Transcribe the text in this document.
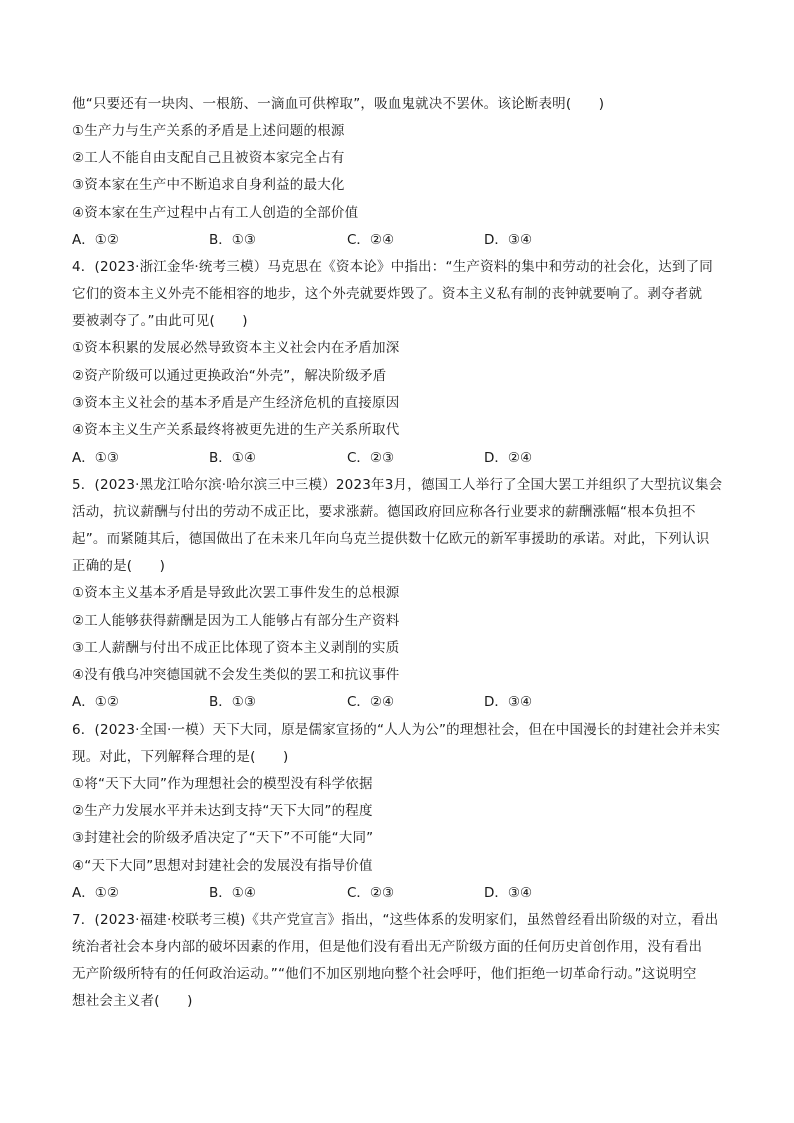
他“只要还有一块肉、一根筋、一滴血可供榨取”，吸血鬼就决不罢休。该论断表明(　　)
①生产力与生产关系的矛盾是上述问题的根源
②工人不能自由支配自己且被资本家完全占有
③资本家在生产中不断追求自身利益的最大化
④资本家在生产过程中占有工人创造的全部价值
A．①②	B．①③	C．②④	D．③④
4．(2023·浙江金华·统考三模）马克思在《资本论》中指出：“生产资料的集中和劳动的社会化，达到了同
它们的资本主义外壳不能相容的地步，这个外壳就要炸毁了。资本主义私有制的丧钟就要响了。剥夺者就
要被剥夺了。”由此可见(　　)
①资本积累的发展必然导致资本主义社会内在矛盾加深
②资产阶级可以通过更换政治“外壳”，解决阶级矛盾
③资本主义社会的基本矛盾是产生经济危机的直接原因
④资本主义生产关系最终将被更先进的生产关系所取代
A．①③	B．①④	C．②③	D．②④
5．(2023·黑龙江哈尔滨·哈尔滨三中三模）2023年3月，德国工人举行了全国大罢工并组织了大型抗议集会
活动，抗议薪酬与付出的劳动不成正比，要求涨薪。德国政府回应称各行业要求的薪酬涨幅“根本负担不
起”。而紧随其后，德国做出了在未来几年向乌克兰提供数十亿欧元的新军事援助的承诺。对此，下列认识
正确的是(　　)
①资本主义基本矛盾是导致此次罢工事件发生的总根源
②工人能够获得薪酬是因为工人能够占有部分生产资料
③工人薪酬与付出不成正比体现了资本主义剥削的实质
④没有俄乌冲突德国就不会发生类似的罢工和抗议事件
A．①②	B．①③	C．②④	D．③④
6．(2023·全国·一模）天下大同，原是儒家宣扬的“人人为公”的理想社会，但在中国漫长的封建社会并未实
现。对此，下列解释合理的是(　　)
①将“天下大同”作为理想社会的模型没有科学依据
②生产力发展水平并未达到支持“天下大同”的程度
③封建社会的阶级矛盾决定了“天下”不可能“大同”
④“天下大同”思想对封建社会的发展没有指导价值
A．①②	B．①④	C．②③	D．③④
7．(2023·福建·校联考三模)《共产党宣言》指出，“这些体系的发明家们，虽然曾经看出阶级的对立，看出
统治者社会本身内部的破坏因素的作用，但是他们没有看出无产阶级方面的任何历史首创作用，没有看出
无产阶级所特有的任何政治运动。”“他们不加区别地向整个社会呼吁，他们拒绝一切革命行动。”这说明空
想社会主义者(　　)
